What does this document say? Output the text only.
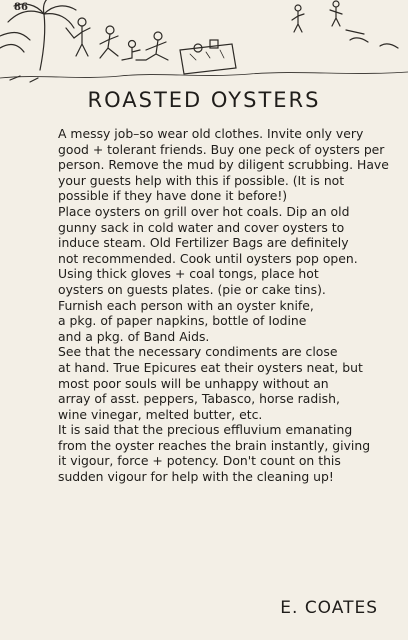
86
ROASTED OYSTERS

A messy job–so wear old clothes. Invite only very
good + tolerant friends. Buy one peck of oysters per
person. Remove the mud by diligent scrubbing. Have
your guests help with this if possible. (It is not
possible if they have done it before!)

Place oysters on grill over hot coals. Dip an old
gunny sack in cold water and cover oysters to
induce steam. Old Fertilizer Bags are definitely
not recommended. Cook until oysters pop open.

Using thick gloves + coal tongs, place hot
oysters on guests plates. (pie or cake tins).

Furnish each person with an oyster knife,
a pkg. of paper napkins, bottle of Iodine
and a pkg. of Band Aids.

See that the necessary condiments are close
at hand. True Epicures eat their oysters neat, but
most poor souls will be unhappy without an
array of asst. peppers, Tabasco, horse radish,
wine vinegar, melted butter, etc.

It is said that the precious effluvium emanating
from the oyster reaches the brain instantly, giving
it vigour, force + potency. Don't count on this
sudden vigour for help with the cleaning up!

E. COATES
